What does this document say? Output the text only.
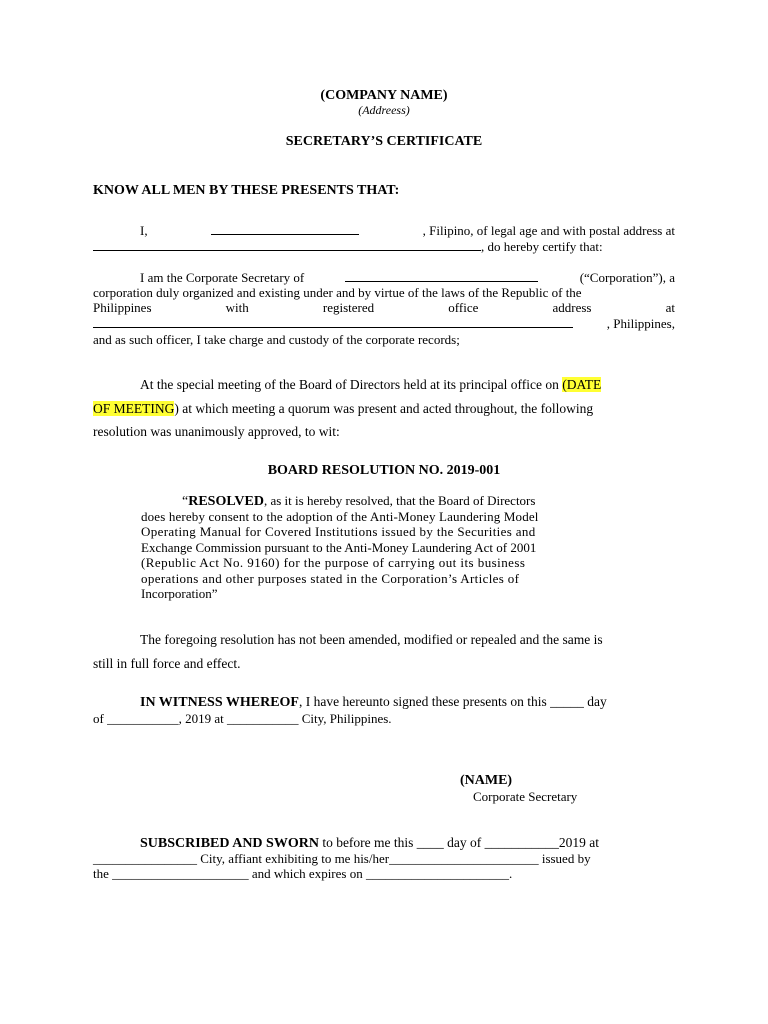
(COMPANY NAME)
(Addreess)
SECRETARY’S CERTIFICATE
KNOW ALL MEN BY THESE PRESENTS THAT:
I,	, Filipino, of legal age and with postal address at
, do hereby certify that:
I am the Corporate Secretary of	(“Corporation”), a
corporation duly organized and existing under and by virtue of the laws of the Republic of the
Philippines	with	registered	office	address	at
, Philippines,
and as such officer, I take charge and custody of the corporate records;
At the special meeting of the Board of Directors held at its principal office on (DATE
OF MEETING) at which meeting a quorum was present and acted throughout, the following
resolution was unanimously approved, to wit:
BOARD RESOLUTION NO. 2019-001
“RESOLVED, as it is hereby resolved, that the Board of Directors
does hereby consent to the adoption of the Anti-Money Laundering Model
Operating Manual for Covered Institutions issued by the Securities and
Exchange Commission pursuant to the Anti-Money Laundering Act of 2001
(Republic Act No. 9160) for the purpose of carrying out its business
operations and other purposes stated in the Corporation’s Articles of
Incorporation”
The foregoing resolution has not been amended, modified or repealed and the same is
still in full force and effect.
IN WITNESS WHEREOF, I have hereunto signed these presents on this _____ day
of ___________, 2019 at ___________ City, Philippines.
(NAME)
Corporate Secretary
SUBSCRIBED AND SWORN to before me this ____ day of ___________2019 at
________________ City, affiant exhibiting to me his/her_______________________ issued by
the _____________________ and which expires on ______________________.
